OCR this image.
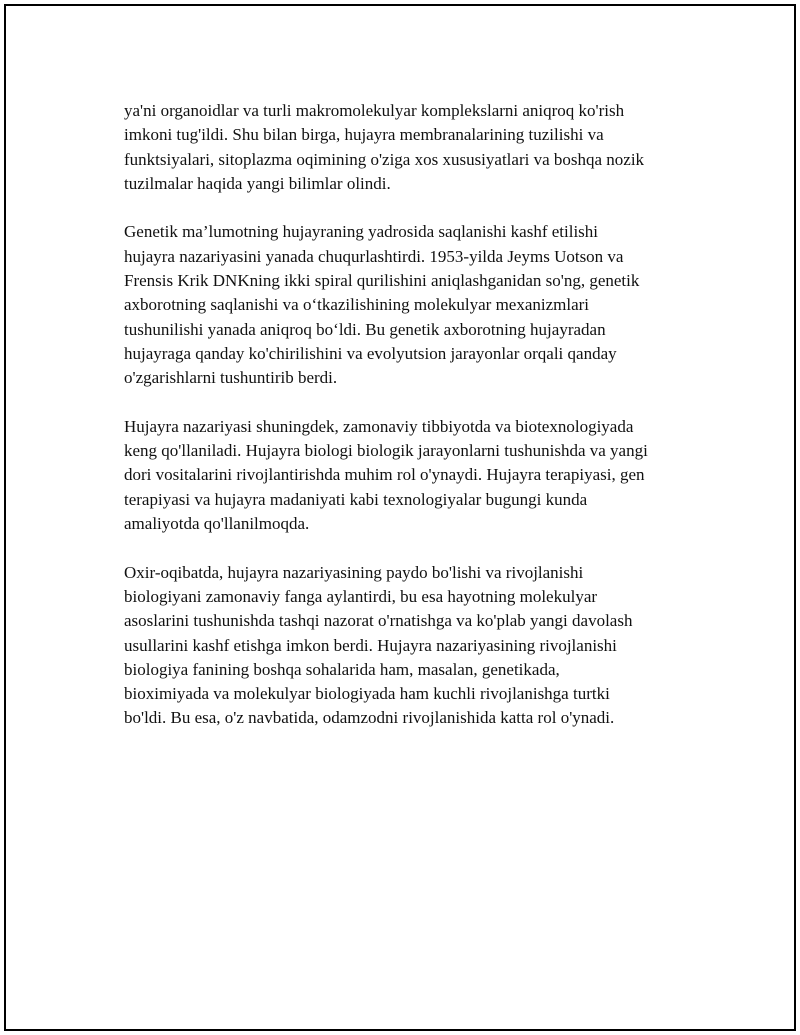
ya'ni organoidlar va turli makromolekulyar komplekslarni aniqroq ko'rish
imkoni tug'ildi. Shu bilan birga, hujayra membranalarining tuzilishi va
funktsiyalari, sitoplazma oqimining o'ziga xos xususiyatlari va boshqa nozik
tuzilmalar haqida yangi bilimlar olindi.

Genetik ma’lumotning hujayraning yadrosida saqlanishi kashf etilishi
hujayra nazariyasini yanada chuqurlashtirdi. 1953-yilda Jeyms Uotson va
Frensis Krik DNKning ikki spiral qurilishini aniqlashganidan so'ng, genetik
axborotning saqlanishi va o‘tkazilishining molekulyar mexanizmlari
tushunilishi yanada aniqroq bo‘ldi. Bu genetik axborotning hujayradan
hujayraga qanday ko'chirilishini va evolyutsion jarayonlar orqali qanday
o'zgarishlarni tushuntirib berdi.

Hujayra nazariyasi shuningdek, zamonaviy tibbiyotda va biotexnologiyada
keng qo'llaniladi. Hujayra biologi biologik jarayonlarni tushunishda va yangi
dori vositalarini rivojlantirishda muhim rol o'ynaydi. Hujayra terapiyasi, gen
terapiyasi va hujayra madaniyati kabi texnologiyalar bugungi kunda
amaliyotda qo'llanilmoqda.

Oxir-oqibatda, hujayra nazariyasining paydo bo'lishi va rivojlanishi
biologiyani zamonaviy fanga aylantirdi, bu esa hayotning molekulyar
asoslarini tushunishda tashqi nazorat o'rnatishga va ko'plab yangi davolash
usullarini kashf etishga imkon berdi. Hujayra nazariyasining rivojlanishi
biologiya fanining boshqa sohalarida ham, masalan, genetikada,
bioximiyada va molekulyar biologiyada ham kuchli rivojlanishga turtki
bo'ldi. Bu esa, o'z navbatida, odamzodni rivojlanishida katta rol o'ynadi.
